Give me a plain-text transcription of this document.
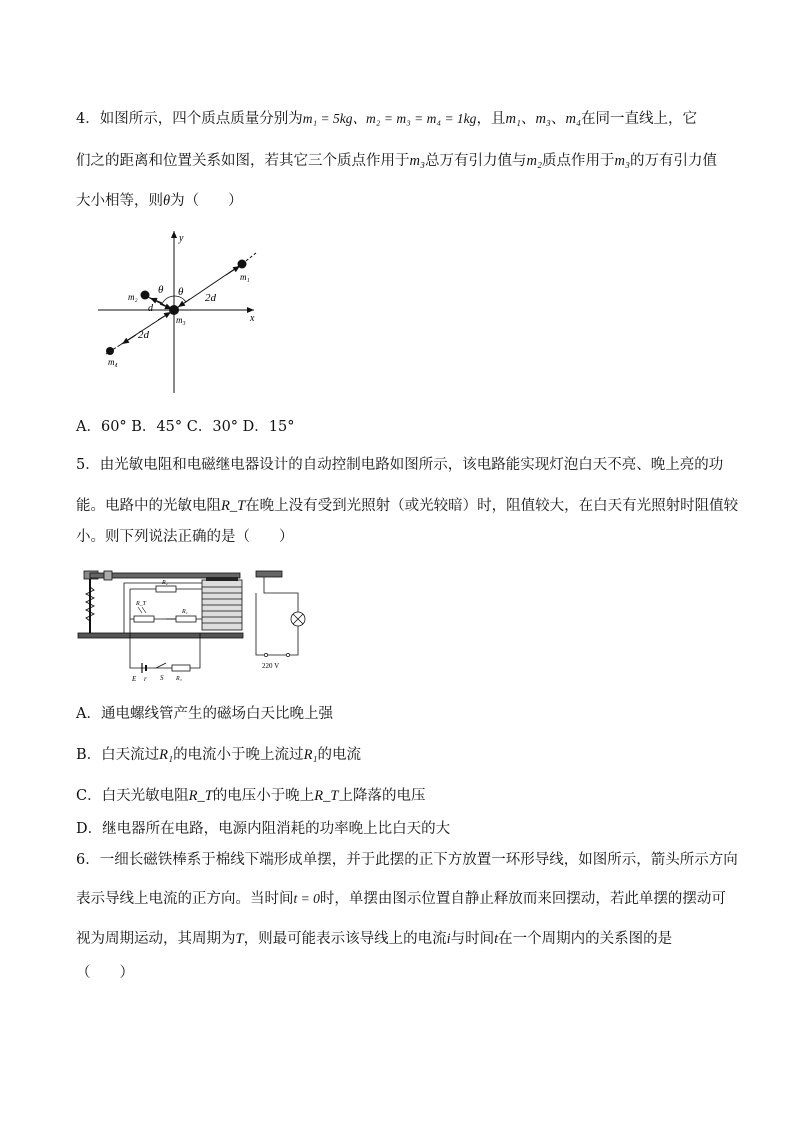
4．如图所示，四个质点质量分别为m₁ = 5kg、m₂ = m₃ = m₄ = 1kg，且m₁、m₃、m₄在同一直线上，它
们之的距离和位置关系如图，若其它三个质点作用于m₃总万有引力值与m₂质点作用于m₃的万有引力值
大小相等，则θ为（　　）
y
x
m₁
m₂
m₃
m₄
θ θ
d
2d
2d
A．60° B．45° C．30° D．15°
5．由光敏电阻和电磁继电器设计的自动控制电路如图所示，该电路能实现灯泡白天不亮、晚上亮的功
能。电路中的光敏电阻R_T在晚上没有受到光照射（或光较暗）时，阻值较大，在白天有光照射时阻值较
小。则下列说法正确的是（　　）
R₂
R_T
R₁
E r S R₃
220 V
A．通电螺线管产生的磁场白天比晚上强
B．白天流过R₁的电流小于晚上流过R₁的电流
C．白天光敏电阻R_T的电压小于晚上R_T上降落的电压
D．继电器所在电路，电源内阻消耗的功率晚上比白天的大
6．一细长磁铁棒系于棉线下端形成单摆，并于此摆的正下方放置一环形导线，如图所示，箭头所示方向
表示导线上电流的正方向。当时间t = 0时，单摆由图示位置自静止释放而来回摆动，若此单摆的摆动可
视为周期运动，其周期为T，则最可能表示该导线上的电流i与时间t在一个周期内的关系图的是
（　　）
